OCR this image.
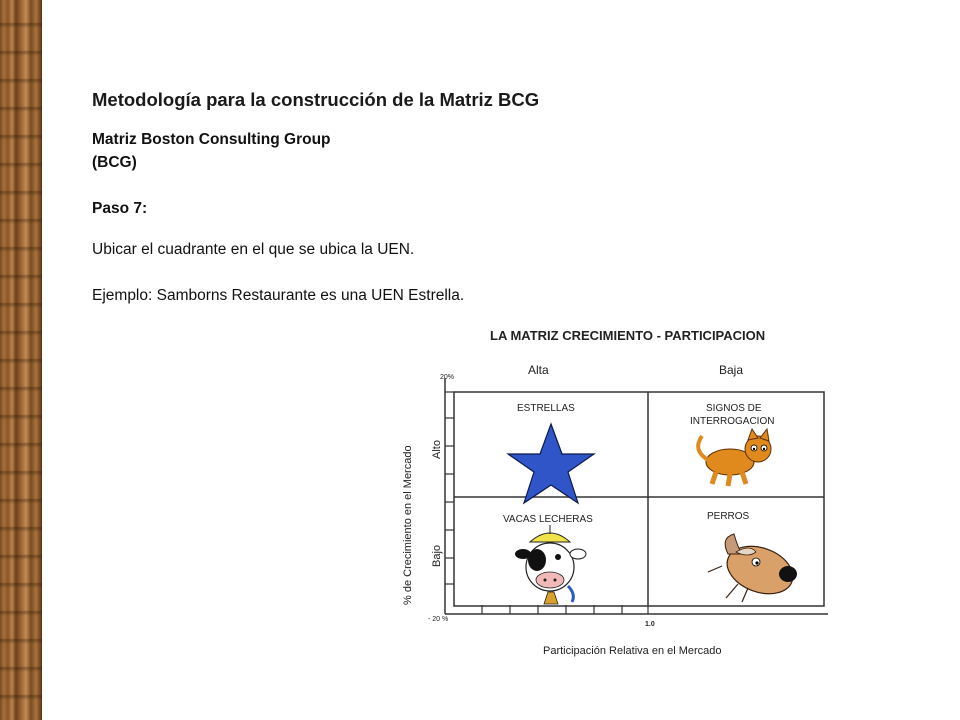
Metodología para la construcción de la Matriz BCG
Matriz Boston Consulting Group
(BCG)
Paso 7:
Ubicar el cuadrante en el que se ubica la UEN.
Ejemplo: Samborns Restaurante es una UEN Estrella.
LA MATRIZ CRECIMIENTO - PARTICIPACION
Alta	Baja
20%
- 20 %
1.0
Alto
Bajo
% de Crecimiento en el Mercado
ESTRELLAS	SIGNOS DE
INTERROGACION
VACAS LECHERAS	PERROS
Participación Relativa en el Mercado
